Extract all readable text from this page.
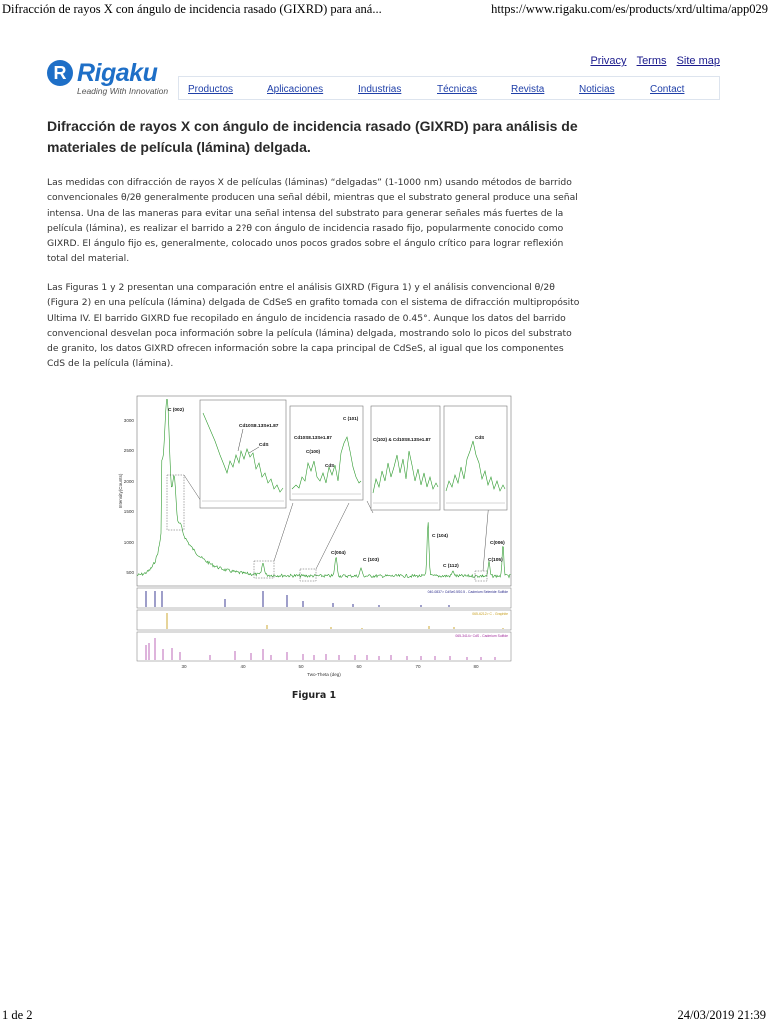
Difracción de rayos X con ángulo de incidencia rasado (GIXRD) para aná...	https://www.rigaku.com/es/products/xrd/ultima/app029
R Rigaku
Leading With Innovation
Privacy Terms Site map
Productos	Aplicaciones	Industrias	Técnicas	Revista	Noticias	Contact
Difracción de rayos X con ángulo de incidencia rasado (GIXRD) para análisis de materiales de película (lámina) delgada.

Las medidas con difracción de rayos X de películas (láminas) “delgadas” (1-1000 nm) usando métodos de barrido convencionales θ/2θ generalmente producen una señal débil, mientras que el substrato general produce una señal intensa. Una de las maneras para evitar una señal intensa del substrato para generar señales más fuertes de la película (lámina), es realizar el barrido a 2?θ con ángulo de incidencia rasado fijo, popularmente conocido como GIXRD. El ángulo fijo es, generalmente, colocado unos pocos grados sobre el ángulo crítico para lograr reflexión total del material.

Las Figuras 1 y 2 presentan una comparación entre el análisis GIXRD (Figura 1) y el análisis convencional θ/2θ (Figura 2) en una película (lámina) delgada de CdSeS en grafito tomada con el sistema de difracción multipropósito Ultima IV. El barrido GIXRD fue recopilado en ángulo de incidencia rasado de 0.45°. Aunque los datos del barrido convencional desvelan poca información sobre la película (lámina) delgada, mostrando solo lo picos del substrato de granito, los datos GIXRD ofrecen información sobre la capa principal de CdSeS, al igual que los componentes CdS de la película (lámina).

3000
2500
2000
1500
1000
500
Intensity(Counts)
Cd10S8.13Se1.87
CdS
Cd10S8.13Se1.87
C (101)
C(100)
CdS
C(102) & Cd10S8.13Se1.87	CdS
C (002)
C(004)
C (103)
C (104)
C (112)
C(105)
C(006)
040-0837> CdSe0.5S0.5 - Cadmium Selenide Sulfide
065-6212> C - Graphite
065-3414> CdS - Cadmium Sulfide
30	40	50	60	70	80
Two-Theta (deg)
Figura 1
1 de 2	24/03/2019 21:39
